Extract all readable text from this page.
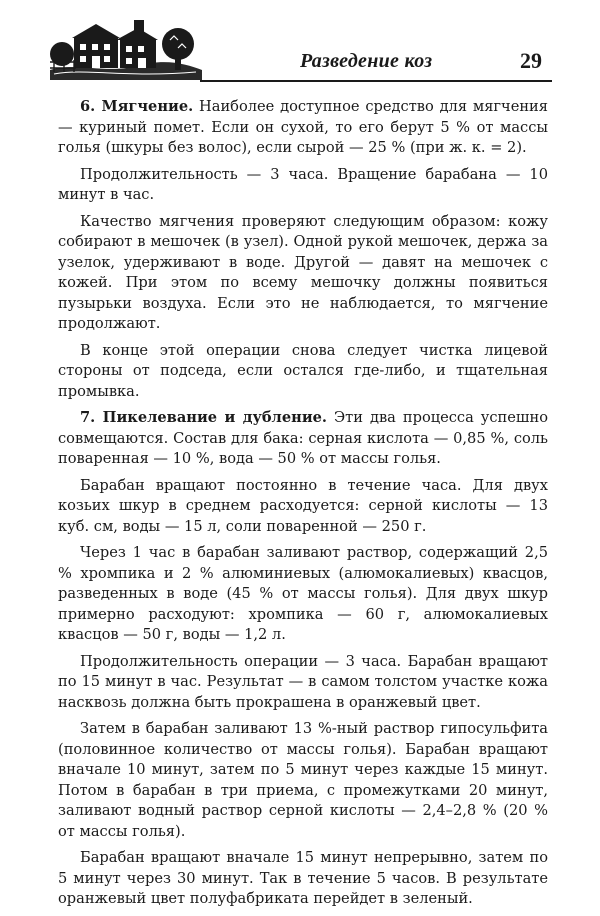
Разведение коз	29

6. Мягчение. Наиболее доступное средство для мягчения — куриный помет. Если он сухой, то его берут 5 % от массы голья (шкуры без волос), если сырой — 25 % (при ж. к. = 2).

Продолжительность — 3 часа. Вращение барабана — 10 минут в час.

Качество мягчения проверяют следующим образом: кожу собирают в мешочек (в узел). Одной рукой мешочек, держа за узелок, удерживают в воде. Другой — давят на мешочек с кожей. При этом по всему мешочку должны появиться пузырьки воздуха. Если это не наблюдается, то мягчение продолжают.

В конце этой операции снова следует чистка лицевой стороны от подседа, если остался где-либо, и тщательная промывка.

7. Пикелевание и дубление. Эти два процесса успешно совмещаются. Состав для бака: серная кислота — 0,85 %, соль поваренная — 10 %, вода — 50 % от массы голья.

Барабан вращают постоянно в течение часа. Для двух козьих шкур в среднем расходуется: серной кислоты — 13 куб. см, воды — 15 л, соли поваренной — 250 г.

Через 1 час в барабан заливают раствор, содержащий 2,5 % хромпика и 2 % алюминиевых (алюмокалиевых) квасцов, разведенных в воде (45 % от массы голья). Для двух шкур примерно расходуют: хромпика — 60 г, алюмокалиевых квасцов — 50 г, воды — 1,2 л.

Продолжительность операции — 3 часа. Барабан вращают по 15 минут в час. Результат — в самом толстом участке кожа насквозь должна быть прокрашена в оранжевый цвет.

Затем в барабан заливают 13 %-ный раствор гипосульфита (половинное количество от массы голья). Барабан вращают вначале 10 минут, затем по 5 минут через каждые 15 минут. Потом в барабан в три приема, с промежутками 20 минут, заливают водный раствор серной кислоты — 2,4–2,8 % (20 % от массы голья).

Барабан вращают вначале 15 минут непрерывно, затем по 5 минут через 30 минут. Так в течение 5 часов. В результате оранжевый цвет полуфабриката перейдет в зеленый.
